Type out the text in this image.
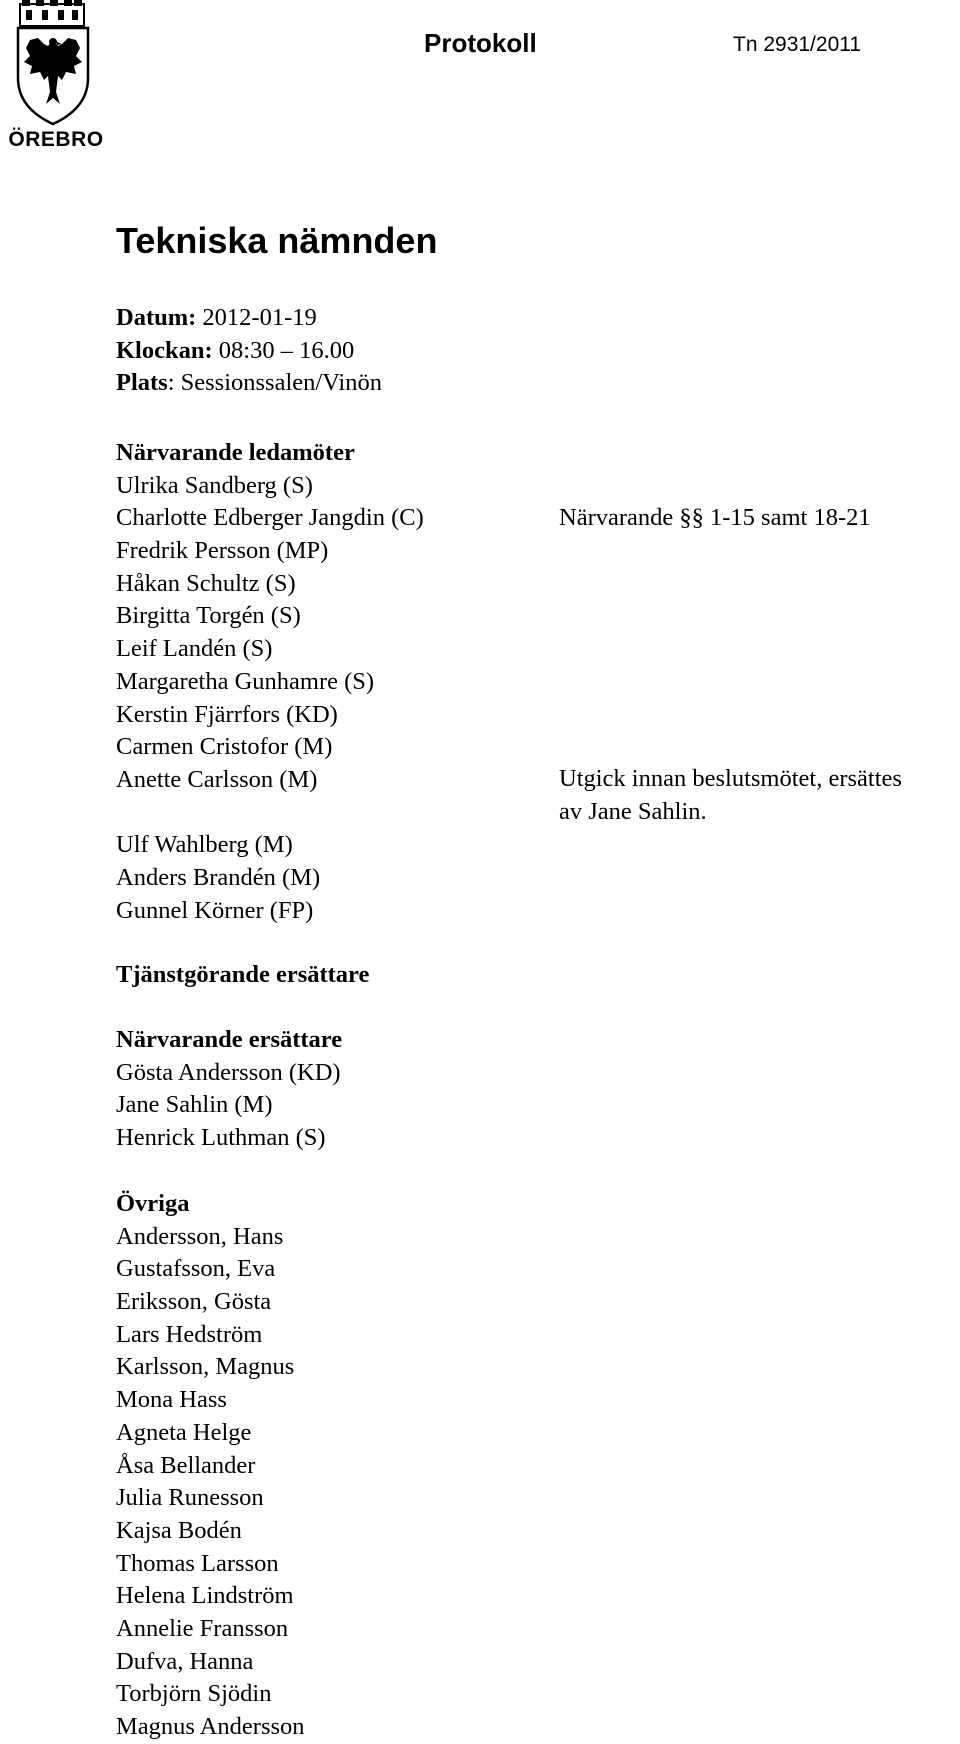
ÖREBRO
Protokoll	Tn 2931/2011
Tekniska nämnden
Datum: 2012-01-19
Klockan: 08:30 – 16.00
Plats: Sessionssalen/Vinön
Närvarande ledamöter
Ulrika Sandberg (S)
Charlotte Edberger Jangdin (C)
Fredrik Persson (MP)
Håkan Schultz (S)
Birgitta Torgén (S)
Leif Landén (S)
Margaretha Gunhamre (S)
Kerstin Fjärrfors (KD)
Carmen Cristofor (M)
Anette Carlsson (M)
Ulf Wahlberg (M)
Anders Brandén (M)
Gunnel Körner (FP)
Närvarande §§ 1-15 samt 18-21
Utgick innan beslutsmötet, ersättes
av Jane Sahlin.
Tjänstgörande ersättare
Närvarande ersättare
Gösta Andersson (KD)
Jane Sahlin (M)
Henrick Luthman (S)
Övriga
Andersson, Hans
Gustafsson, Eva
Eriksson, Gösta
Lars Hedström
Karlsson, Magnus
Mona Hass
Agneta Helge
Åsa Bellander
Julia Runesson
Kajsa Bodén
Thomas Larsson
Helena Lindström
Annelie Fransson
Dufva, Hanna
Torbjörn Sjödin
Magnus Andersson
